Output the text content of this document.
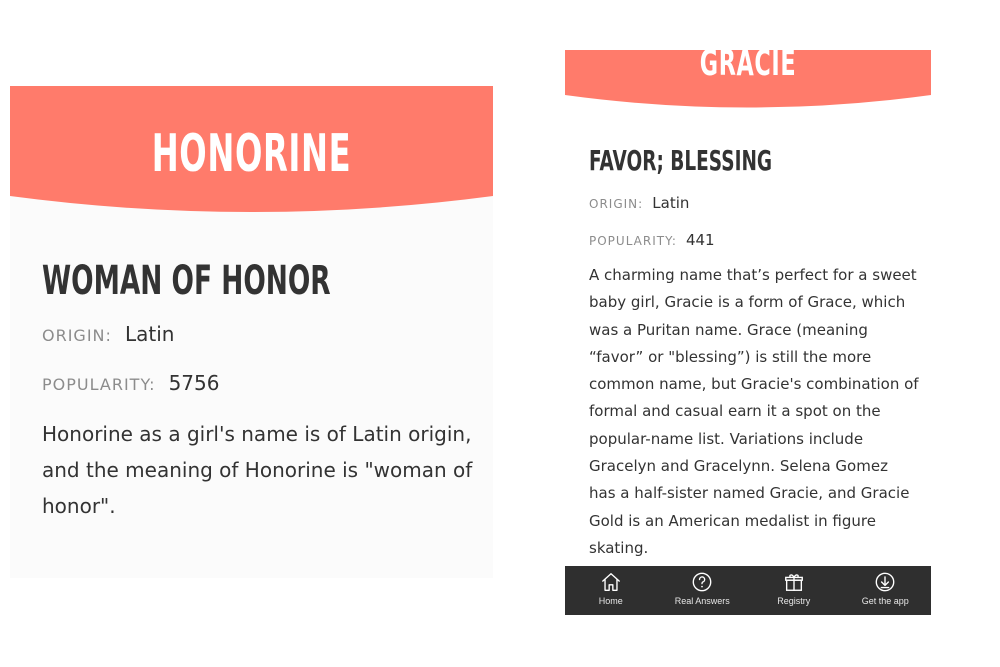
HONORINE
WOMAN OF HONOR
ORIGIN: Latin
POPULARITY: 5756

Honorine as a girl's name is of Latin origin, and the meaning of Honorine is "woman of honor".

GRACIE
FAVOR; BLESSING
ORIGIN: Latin
POPULARITY: 441

A charming name that’s perfect for a sweet baby girl, Gracie is a form of Grace, which was a Puritan name. Grace (meaning “favor” or "blessing”) is still the more common name, but Gracie's combination of formal and casual earn it a spot on the popular-name list. Variations include Gracelyn and Gracelynn. Selena Gomez has a half-sister named Gracie, and Gracie Gold is an American medalist in figure skating.

Home	Real Answers	Registry	Get the app
